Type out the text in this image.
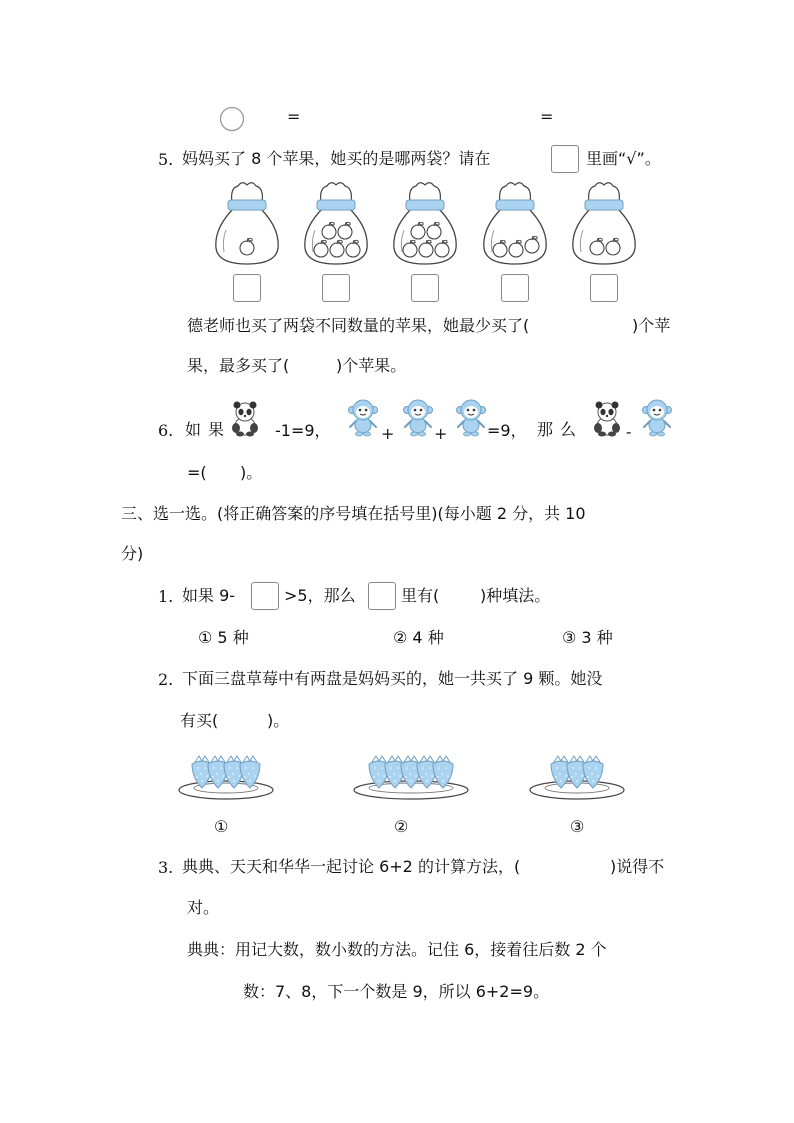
=	=
5. 妈妈买了 8 个苹果，她买的是哪两袋？请在	里画“√”。
德老师也买了两袋不同数量的苹果，她最少买了(	)个苹
果，最多买了(	)个苹果。
6. 如 果	-1=9，	+ + =9， 那 么	-
=( )。
三、选一选。(将正确答案的序号填在括号里)(每小题 2 分，共 10
分)
1. 如果 9-	>5，那么	里有(	)种填法。
① 5 种	② 4 种	③ 3 种
2. 下面三盘草莓中有两盘是妈妈买的，她一共买了 9 颗。她没
有买(	)。
①	②	③
3. 典典、天天和华华一起讨论 6+2 的计算方法，(	)说得不
对。
典典：用记大数，数小数的方法。记住 6，接着往后数 2 个
数：7、8，下一个数是 9，所以 6+2=9。
